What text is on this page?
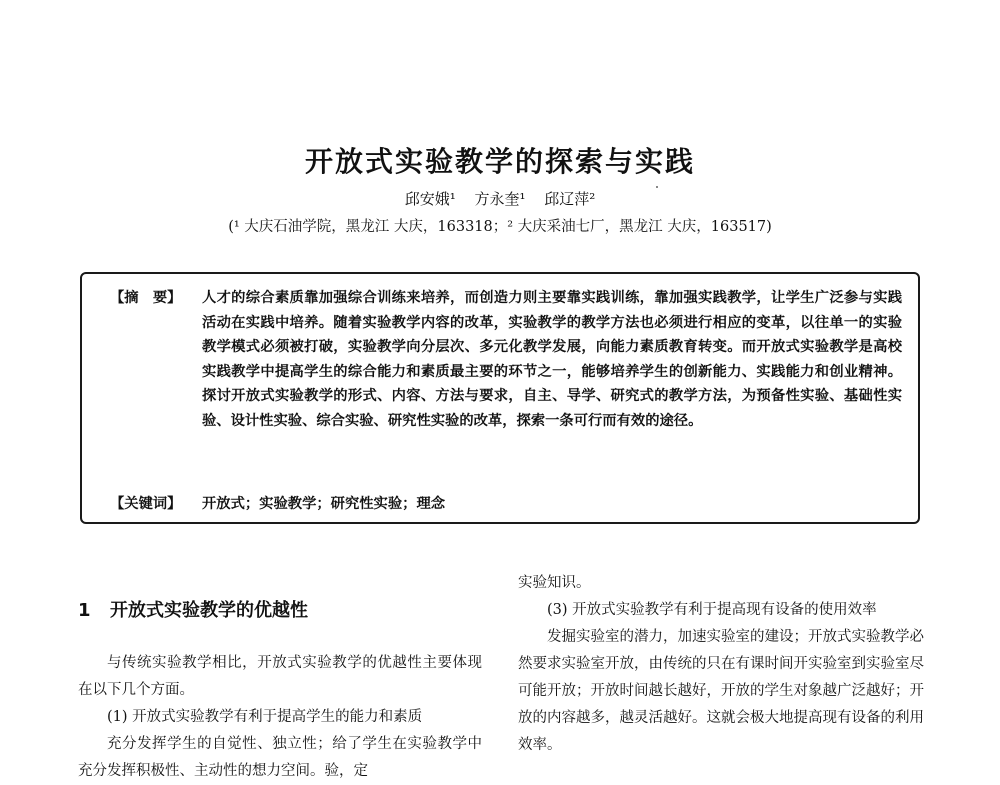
开放式实验教学的探索与实践
邱安娥¹ 方永奎¹ 邱辽萍²
(¹ 大庆石油学院，黑龙江 大庆，163318；² 大庆采油七厂，黑龙江 大庆，163517)
【摘　要】 人才的综合素质靠加强综合训练来培养，而创造力则主要靠实践训练，靠加强实践教学，让学生广泛参与实践活动在实践中培养。随着实验教学内容的改革，实验教学的教学方法也必须进行相应的变革，以往单一的实验教学模式必须被打破，实验教学向分层次、多元化教学发展，向能力素质教育转变。而开放式实验教学是高校实践教学中提高学生的综合能力和素质最主要的环节之一，能够培养学生的创新能力、实践能力和创业精神。探讨开放式实验教学的形式、内容、方法与要求，自主、导学、研究式的教学方法，为预备性实验、基础性实验、设计性实验、综合实验、研究性实验的改革，探索一条可行而有效的途径。
【关键词】 开放式；实验教学；研究性实验；理念
1 开放式实验教学的优越性

与传统实验教学相比，开放式实验教学的优越性主要体现在以下几个方面。

(1) 开放式实验教学有利于提高学生的能力和素质

充分发挥学生的自觉性、独立性；给了学生在实验教学中充分发挥积极性、主动性的想力空间。验，定

实验知识。

(3) 开放式实验教学有利于提高现有设备的使用效率

发掘实验室的潜力，加速实验室的建设；开放式实验教学必然要求实验室开放，由传统的只在有课时间开实验室到实验室尽可能开放；开放时间越长越好，开放的学生对象越广泛越好；开放的内容越多，越灵活越好。这就会极大地提高现有设备的利用效率。
